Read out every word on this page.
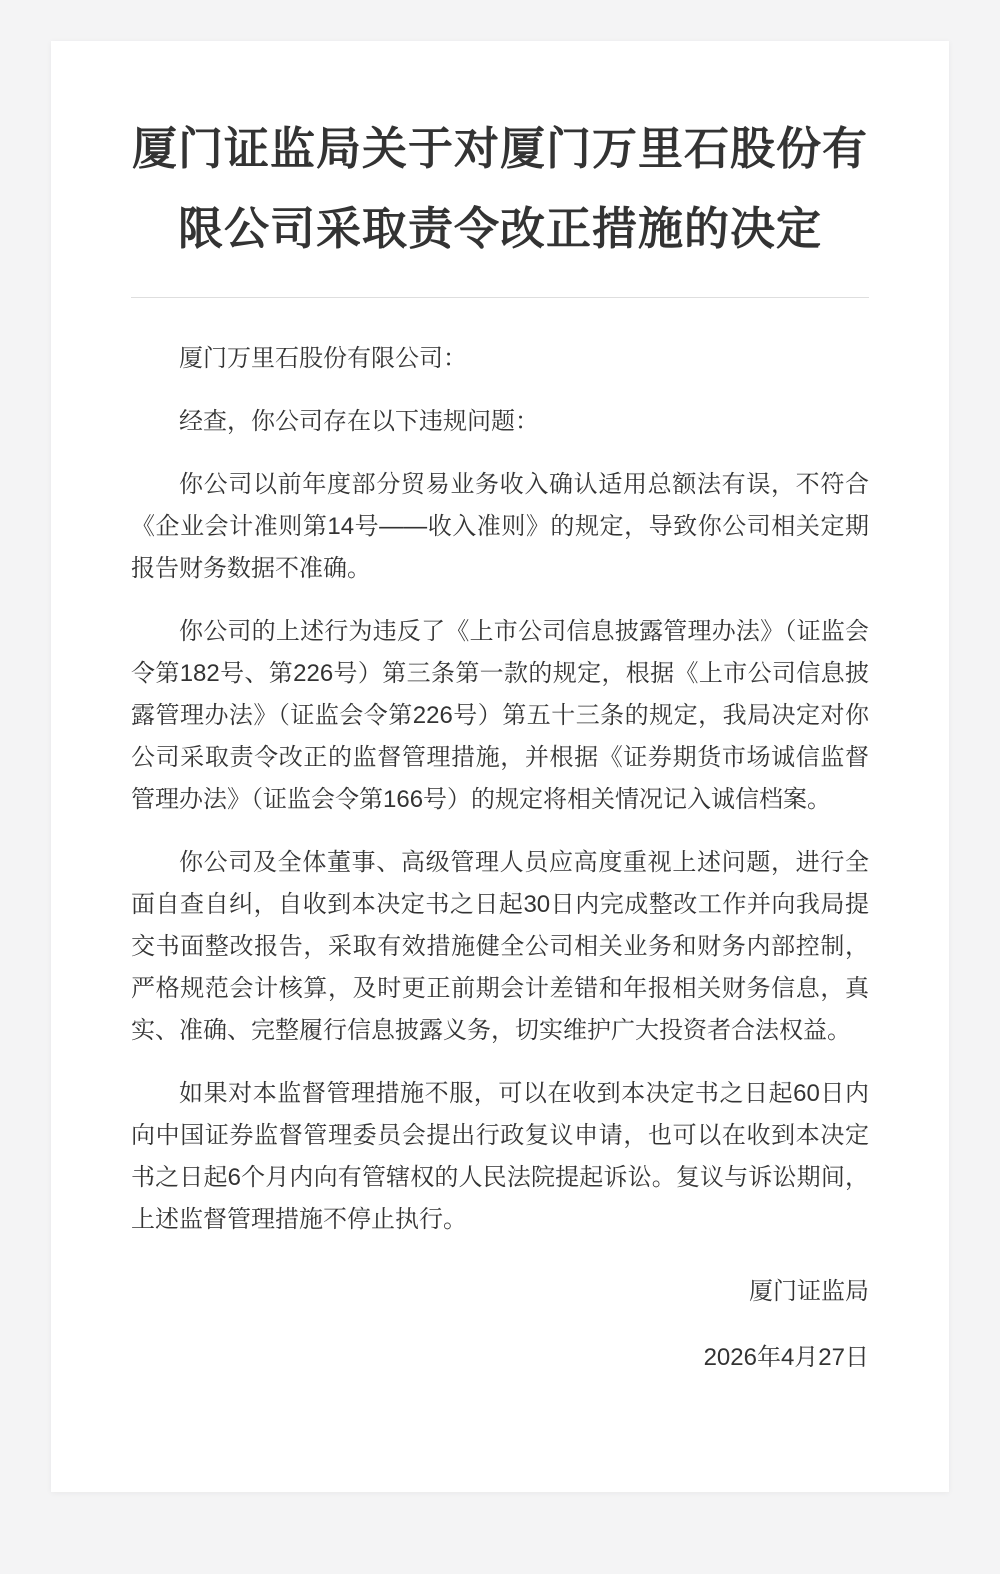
厦门证监局关于对厦门万里石股份有限公司采取责令改正措施的决定

厦门万里石股份有限公司：

经查，你公司存在以下违规问题：

你公司以前年度部分贸易业务收入确认适用总额法有误，不符合《企业会计准则第14号——收入准则》的规定，导致你公司相关定期报告财务数据不准确。

你公司的上述行为违反了《上市公司信息披露管理办法》（证监会令第182号、第226号）第三条第一款的规定，根据《上市公司信息披露管理办法》（证监会令第226号）第五十三条的规定，我局决定对你公司采取责令改正的监督管理措施，并根据《证券期货市场诚信监督管理办法》（证监会令第166号）的规定将相关情况记入诚信档案。

你公司及全体董事、高级管理人员应高度重视上述问题，进行全面自查自纠，自收到本决定书之日起30日内完成整改工作并向我局提交书面整改报告，采取有效措施健全公司相关业务和财务内部控制，严格规范会计核算，及时更正前期会计差错和年报相关财务信息，真实、准确、完整履行信息披露义务，切实维护广大投资者合法权益。

如果对本监督管理措施不服，可以在收到本决定书之日起60日内向中国证券监督管理委员会提出行政复议申请，也可以在收到本决定书之日起6个月内向有管辖权的人民法院提起诉讼。复议与诉讼期间，上述监督管理措施不停止执行。

厦门证监局

2026年4月27日
